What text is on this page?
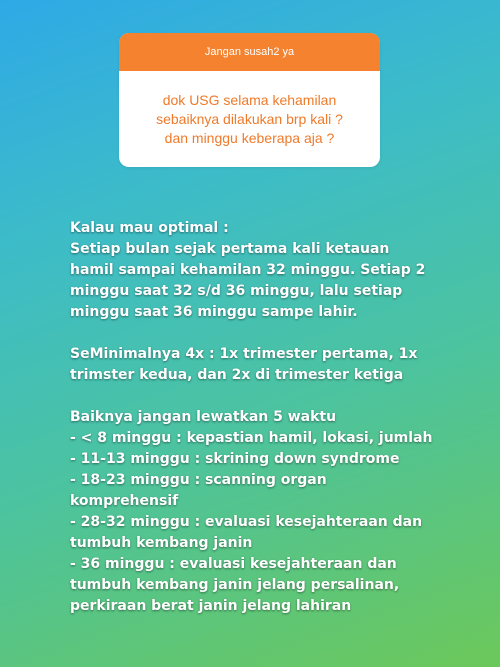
Jangan susah2 ya
dok USG selama kehamilan
sebaiknya dilakukan brp kali ?
dan minggu keberapa aja ?
Kalau mau optimal :
Setiap bulan sejak pertama kali ketauan
hamil sampai kehamilan 32 minggu. Setiap 2
minggu saat 32 s/d 36 minggu, lalu setiap
minggu saat 36 minggu sampe lahir.
SeMinimalnya 4x : 1x trimester pertama, 1x
trimster kedua, dan 2x di trimester ketiga
Baiknya jangan lewatkan 5 waktu
- < 8 minggu : kepastian hamil, lokasi, jumlah
- 11-13 minggu : skrining down syndrome
- 18-23 minggu : scanning organ
komprehensif
- 28-32 minggu : evaluasi kesejahteraan dan
tumbuh kembang janin
- 36 minggu : evaluasi kesejahteraan dan
tumbuh kembang janin jelang persalinan,
perkiraan berat janin jelang lahiran
